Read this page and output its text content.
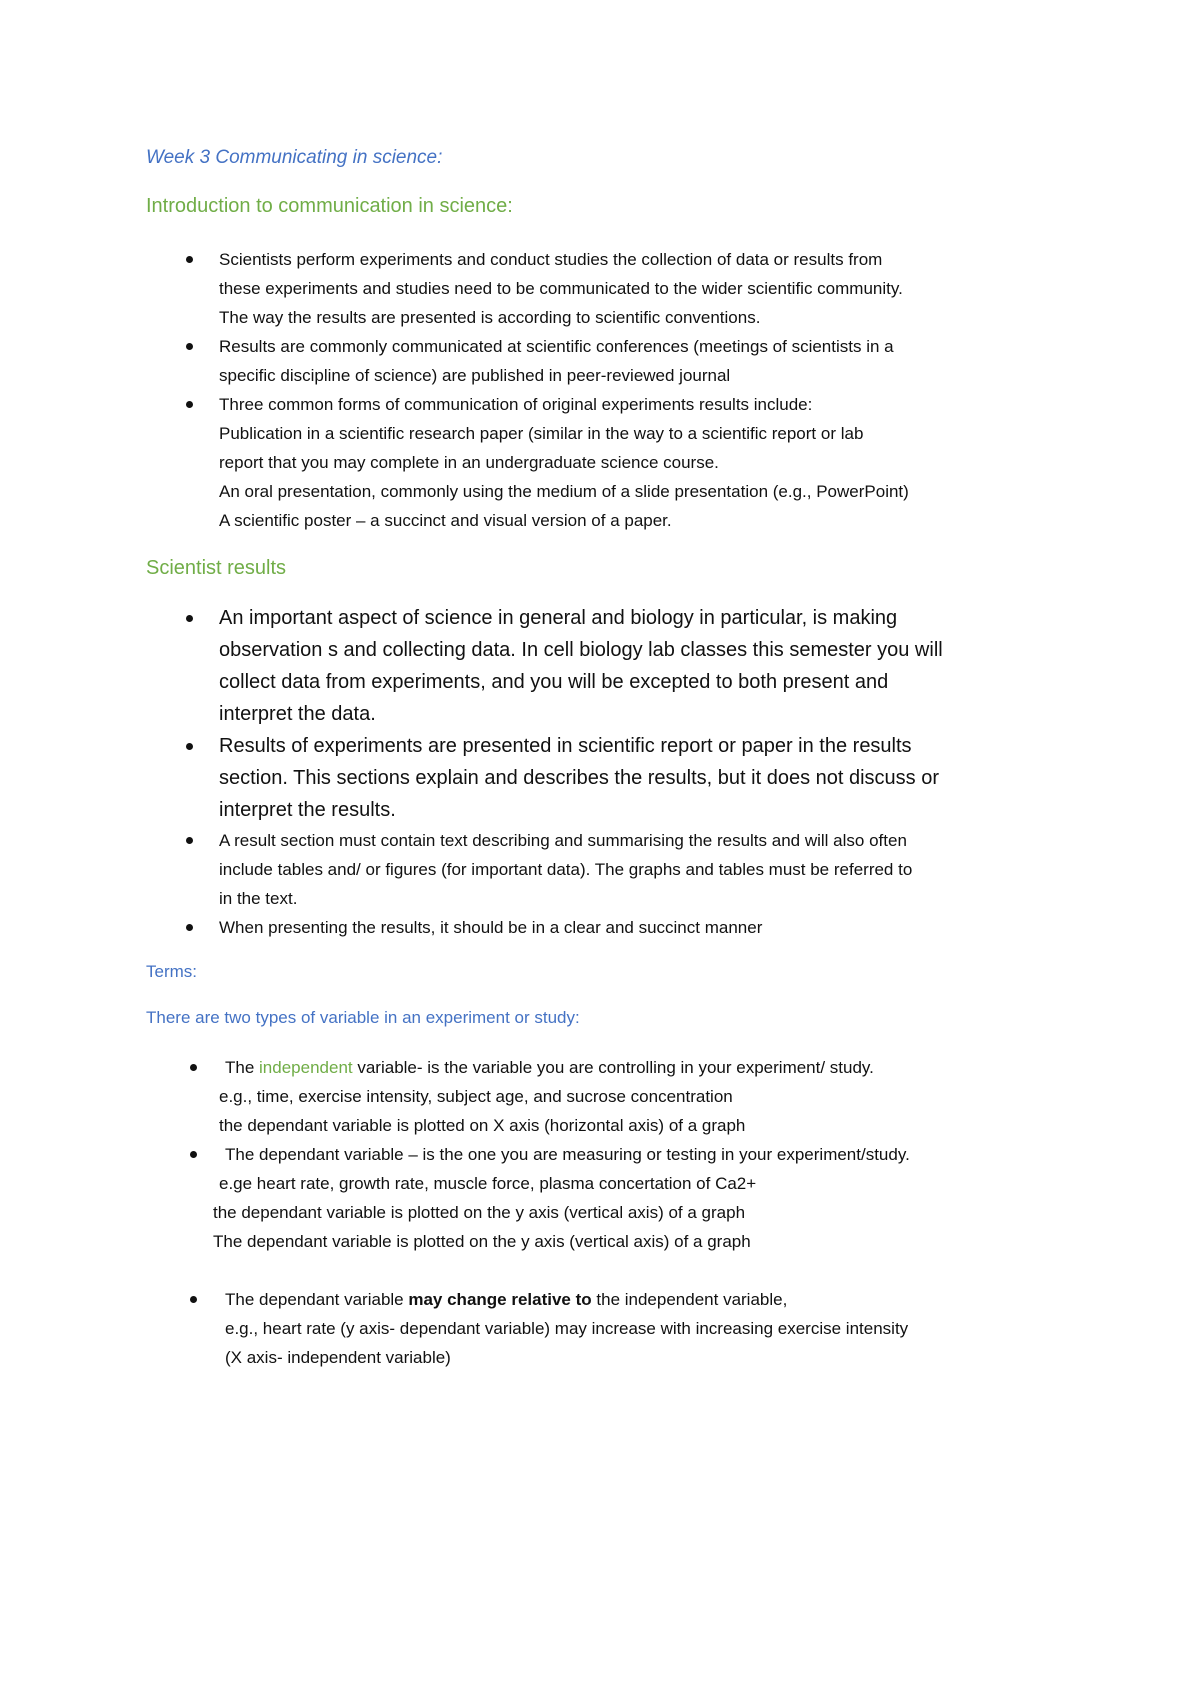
Week 3 Communicating in science:
Introduction to communication in science:
Scientists perform experiments and conduct studies the collection of data or results from
these experiments and studies need to be communicated to the wider scientific community.
The way the results are presented is according to scientific conventions.
Results are commonly communicated at scientific conferences (meetings of scientists in a
specific discipline of science) are published in peer-reviewed journal
Three common forms of communication of original experiments results include:
Publication in a scientific research paper (similar in the way to a scientific report or lab
report that you may complete in an undergraduate science course.
An oral presentation, commonly using the medium of a slide presentation (e.g., PowerPoint)
A scientific poster – a succinct and visual version of a paper.
Scientist results
An important aspect of science in general and biology in particular, is making
observation s and collecting data. In cell biology lab classes this semester you will
collect data from experiments, and you will be excepted to both present and
interpret the data.
Results of experiments are presented in scientific report or paper in the results
section. This sections explain and describes the results, but it does not discuss or
interpret the results.
A result section must contain text describing and summarising the results and will also often
include tables and/ or figures (for important data). The graphs and tables must be referred to
in the text.
When presenting the results, it should be in a clear and succinct manner
Terms:
There are two types of variable in an experiment or study:
The independent variable- is the variable you are controlling in your experiment/ study.
e.g., time, exercise intensity, subject age, and sucrose concentration
the dependant variable is plotted on X axis (horizontal axis) of a graph
The dependant variable – is the one you are measuring or testing in your experiment/study.
e.ge heart rate, growth rate, muscle force, plasma concertation of Ca2+
the dependant variable is plotted on the y axis (vertical axis) of a graph
The dependant variable is plotted on the y axis (vertical axis) of a graph
The dependant variable may change relative to the independent variable,
e.g., heart rate (y axis- dependant variable) may increase with increasing exercise intensity
(X axis- independent variable)
